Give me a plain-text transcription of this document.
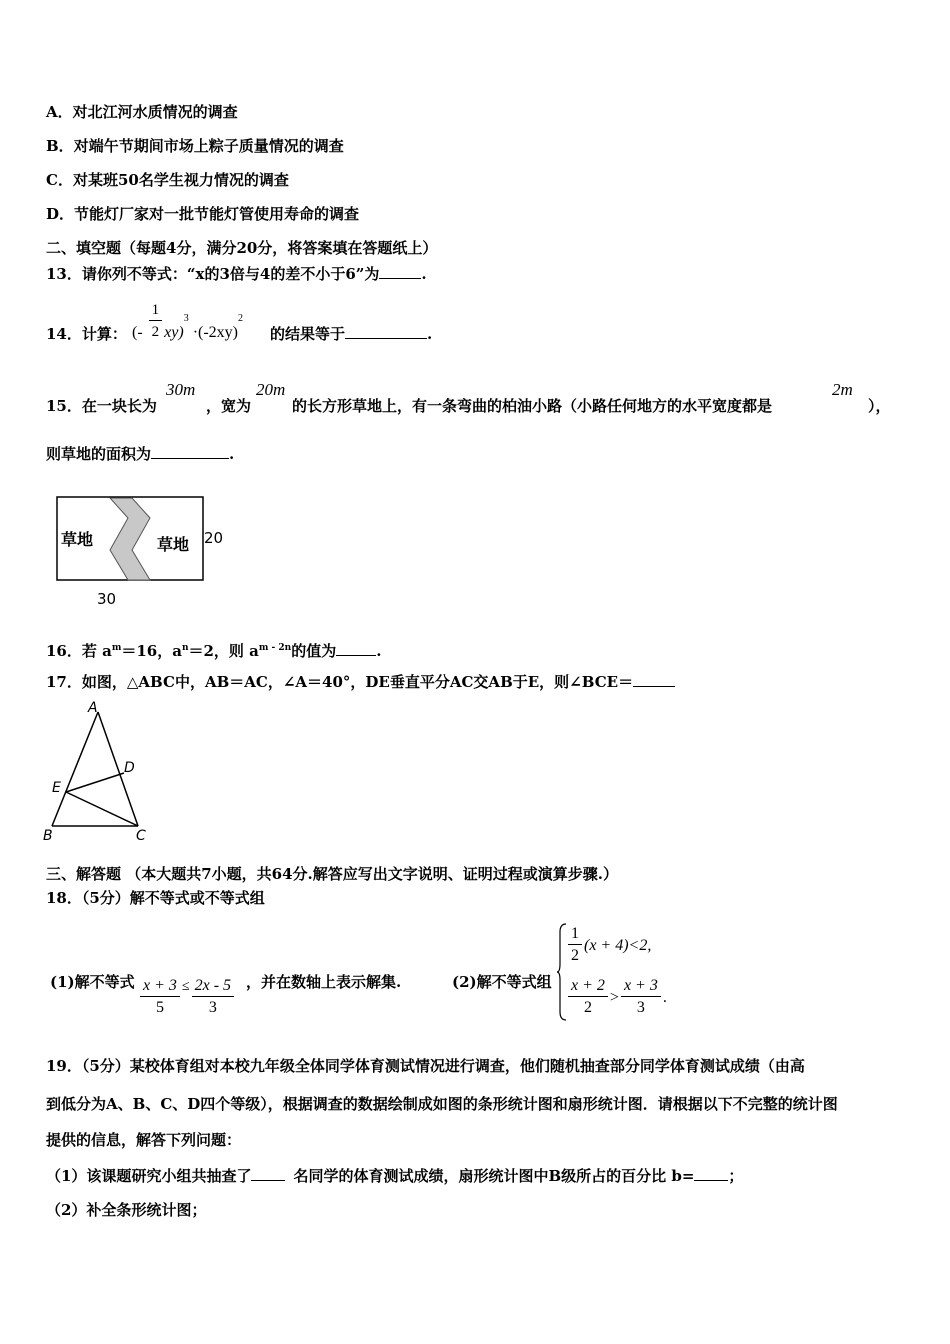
A．对北江河水质情况的调查
B．对端午节期间市场上粽子质量情况的调查
C．对某班50名学生视力情况的调查
D．节能灯厂家对一批节能灯管使用寿命的调查
二、填空题（每题4分，满分20分，将答案填在答题纸上）
13．请你列不等式：“x的3倍与4的差不小于6”为	.
14．计算： (- $\frac{1}{2} xy)^3 \cdot(-2xy)^2$
的结果等于	.
15．在一块长为
30m
，宽为
20m
的长方形草地上，有一条弯曲的柏油小路（小路任何地方的水平宽度都是
2m
），
则草地的面积为	.
草地	草地 20
30
16．若 $a^m=16$，$a^n=2$，则 $a^{m - 2n}$的值为	.
17．如图，△ABC中，AB＝AC，∠A＝40°，DE垂直平分AC交AB于E，则∠BCE＝
A
B	C
D
E
三、解答题 （本大题共7小题，共64分.解答应写出文字说明、证明过程或演算步骤.）
18．（5分）解不等式或不等式组
(1)解不等式 $\frac{x + 3}{5} \le \frac{2x - 5}{3}$ ，并在数轴上表示解集.	(2)解不等式组
$\frac{1}{2} (x + 4)<2$,
$\frac{x + 2}{2} > \frac{x + 3}{3}$ .
19．（5分）某校体育组对本校九年级全体同学体育测试情况进行调查，他们随机抽查部分同学体育测试成绩（由高
到低分为A、B、C、D四个等级），根据调查的数据绘制成如图的条形统计图和扇形统计图．请根据以下不完整的统计图
提供的信息，解答下列问题：
（1）该课题研究小组共抽查了	名同学的体育测试成绩，扇形统计图中B级所占的百分比 b= ；
（2）补全条形统计图；
